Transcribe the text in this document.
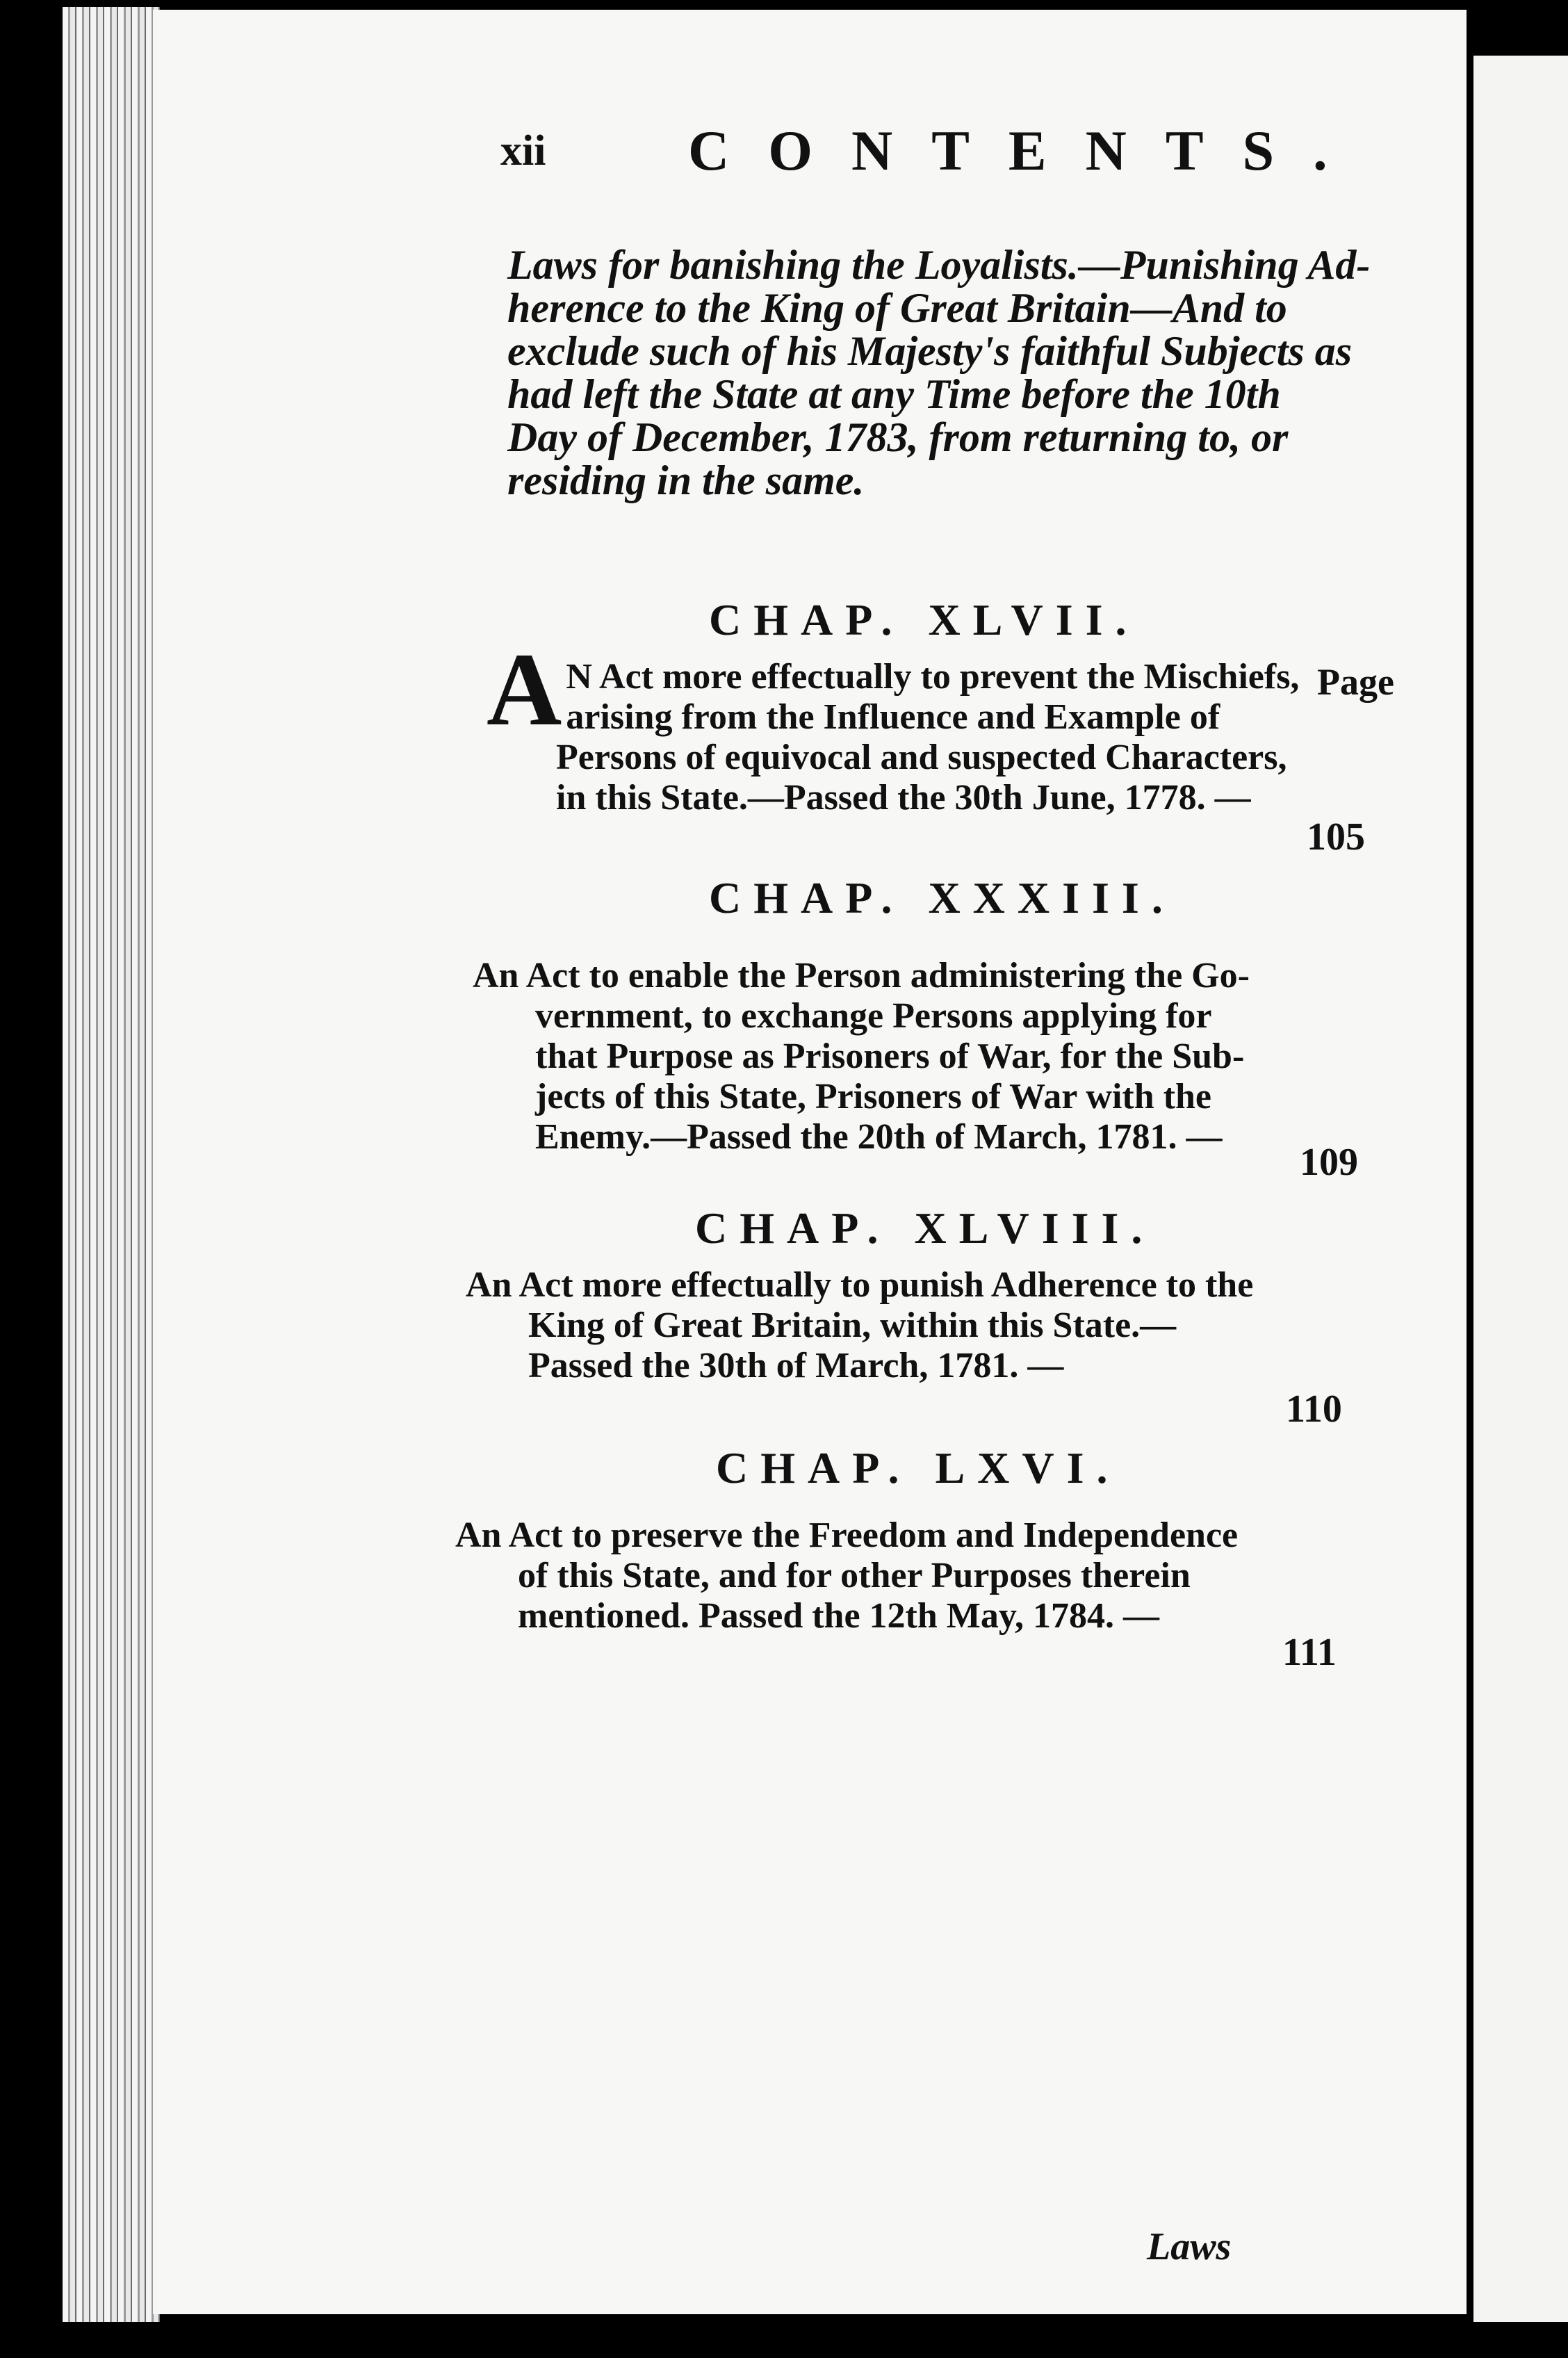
xii CONTENTS.
Laws for banishing the Loyalists.—Punishing Ad-
herence to the King of Great Britain—And to
exclude such of his Majesty's faithful Subjects as
had left the State at any Time before the 10th
Day of December, 1783, from returning to, or
residing in the same.
CHAP. XLVII.
Page
A N Act more effectually to prevent the Mischiefs,
arising from the Influence and Example of
Persons of equivocal and suspected Characters,
in this State.—Passed the 30th June, 1778. —
105
CHAP. XXXIII.
An Act to enable the Person administering the Go-
vernment, to exchange Persons applying for
that Purpose as Prisoners of War, for the Sub-
jects of this State, Prisoners of War with the
Enemy.—Passed the 20th of March, 1781. —
109
CHAP. XLVIII.
An Act more effectually to punish Adherence to the
King of Great Britain, within this State.—
Passed the 30th of March, 1781. —
110
CHAP. LXVI.
An Act to preserve the Freedom and Independence
of this State, and for other Purposes therein
mentioned. Passed the 12th May, 1784. —
111
Laws
